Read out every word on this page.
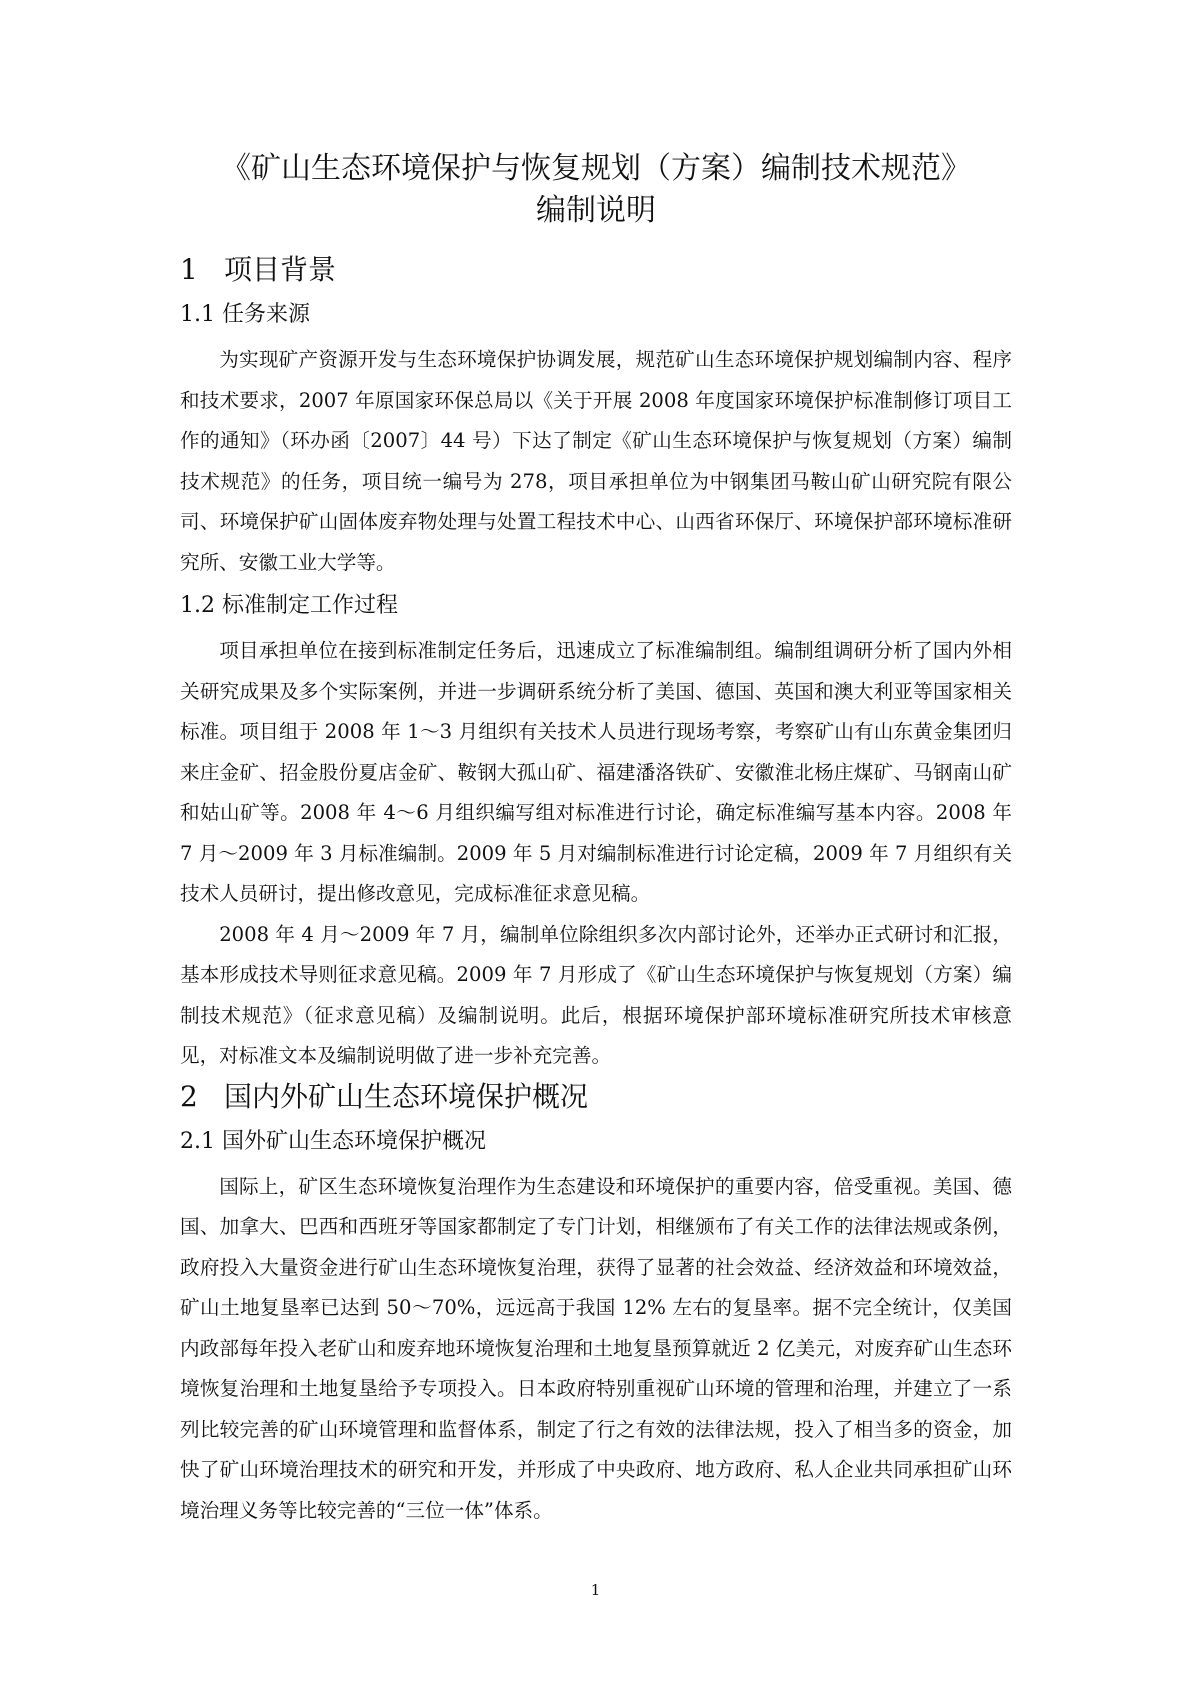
《矿山生态环境保护与恢复规划（方案）编制技术规范》
编制说明
1 项目背景
1.1 任务来源

为实现矿产资源开发与生态环境保护协调发展，规范矿山生态环境保护规划编制内容、程序和技术要求，2007 年原国家环保总局以《关于开展 2008 年度国家环境保护标准制修订项目工作的通知》（环办函〔2007〕44 号）下达了制定《矿山生态环境保护与恢复规划（方案）编制技术规范》的任务，项目统一编号为 278，项目承担单位为中钢集团马鞍山矿山研究院有限公司、环境保护矿山固体废弃物处理与处置工程技术中心、山西省环保厅、环境保护部环境标准研究所、安徽工业大学等。

1.2 标准制定工作过程

项目承担单位在接到标准制定任务后，迅速成立了标准编制组。编制组调研分析了国内外相关研究成果及多个实际案例，并进一步调研系统分析了美国、德国、英国和澳大利亚等国家相关标准。项目组于 2008 年 1～3 月组织有关技术人员进行现场考察，考察矿山有山东黄金集团归来庄金矿、招金股份夏店金矿、鞍钢大孤山矿、福建潘洛铁矿、安徽淮北杨庄煤矿、马钢南山矿和姑山矿等。2008 年 4～6 月组织编写组对标准进行讨论，确定标准编写基本内容。2008 年 7 月～2009 年 3 月标准编制。2009 年 5 月对编制标准进行讨论定稿，2009 年 7 月组织有关技术人员研讨，提出修改意见，完成标准征求意见稿。

2008 年 4 月～2009 年 7 月，编制单位除组织多次内部讨论外，还举办正式研讨和汇报，基本形成技术导则征求意见稿。2009 年 7 月形成了《矿山生态环境保护与恢复规划（方案）编制技术规范》（征求意见稿）及编制说明。此后，根据环境保护部环境标准研究所技术审核意见，对标准文本及编制说明做了进一步补充完善。

2 国内外矿山生态环境保护概况
2.1 国外矿山生态环境保护概况

国际上，矿区生态环境恢复治理作为生态建设和环境保护的重要内容，倍受重视。美国、德国、加拿大、巴西和西班牙等国家都制定了专门计划，相继颁布了有关工作的法律法规或条例，政府投入大量资金进行矿山生态环境恢复治理，获得了显著的社会效益、经济效益和环境效益，矿山土地复垦率已达到 50～70%，远远高于我国 12% 左右的复垦率。据不完全统计，仅美国内政部每年投入老矿山和废弃地环境恢复治理和土地复垦预算就近 2 亿美元，对废弃矿山生态环境恢复治理和土地复垦给予专项投入。日本政府特别重视矿山环境的管理和治理，并建立了一系列比较完善的矿山环境管理和监督体系，制定了行之有效的法律法规，投入了相当多的资金，加快了矿山环境治理技术的研究和开发，并形成了中央政府、地方政府、私人企业共同承担矿山环境治理义务等比较完善的“三位一体”体系。

1
